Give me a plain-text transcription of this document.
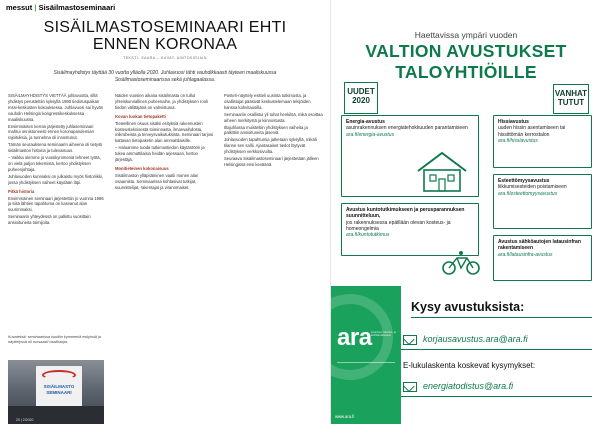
messut | Sisäilmastoseminaari
SISÄILMASTOSEMINAARI EHTI
ENNEN KORONAA
TEKSTI: SAARA – KUVAT: AINTOKIRJAIN
Sisäilmayhdistys täyttää 30 vuotta ylläolla 2020. Juhlavuosi tähti vauhdikkaasti täyteen maaliskuussa Sisäilmastoseminaarissa sekä juhlagaalassa.

SISÄILMAYHDISTYS VIETTÄÄ juhlavuotta, sillä yhdistys perustettiin syksyllä 1990 tiedotuspaikan Inssi-keskusten kokouksessa. Juhlavuosi sai hyvän vauhdin Helsingin kongressikeskuksessa maaliskuussa.

Ensimmäisen kerran järjestetty juhlaseminaari mahtui onnistuneesti ennen koronapandemian rajoituksia, ja tunnelma oli innostunut.

Tämän seurauksena seminaarin aiheena oli tietysti sisäilmaston historia ja tulevaisuus.

– Vaikka olemme jo vuosikymmeniä tehneet työtä, on vielä paljon tekemistä, kertoo yhdistyksen puheenjohtaja.

Juhlavuoden kunniaksi on julkaistu myös historiikki, jossa yhdistyksen vaiheet käydään läpi.

Pitkä historia

Ensimmäinen seminaari järjestettiin jo vuonna 1986 ja siitä lähtien tapahtuma on kasvanut alan suurimmaksi.

Seminaarin yhteydessä on palkittu vuosittain ansioituneita toimijoita.

Kuvateksti: seminaarissa kuultiin kymmeniä esityksiä ja näyttelyssä oli runsaasti osallistujia.
SISÄILMASTO
SEMINAARI
20 | 2/2020

Näiden vuosien aikana sisäilmasta on tullut yhteiskunnallinen puheenaihe, ja yhdistyksen rooli tiedon välittäjänä on vahvistunut.

Kovan luokan tietopaketti

Tieteellinen osuus sisälsi esityksiä rakennusten kosteusteknisestä toiminnasta, ilmanvaihdosta, mikrobeista ja terveysvaikutuksista. Seminaari tarjosi kattavan tietopaketin alan ammattilaisille.

– Haluamme tuoda tutkimustiedon käytäntöön ja tukea ammattilaisia heidän arjessaan, kertoo järjestäjä.

Monitieteinen kokonaisuus

Sisäilmaston ylläpitäminen vaatii monen alan osaamista. Seminaarissa kohtasivat tutkijat, suunnittelijat, rakentajat ja viranomaiset.

Posteri-näyttely esitteli uusinta tutkimusta, ja osallistujat pääsivät keskustelemaan tekijöiden kanssa kahvitauoilla.

Seminaariin osallistui yli tuhat henkilöä, mikä osoittaa aiheen merkitystä ja kiinnostusta.

Iltajuhlassa muisteltiin yhdistyksen vaiheita ja palkittiin ansioituneita jäseniä.

Juhlavuoden tapahtumia jatketaan syksyllä, mikäli tilanne sen sallii. Ajantasaiset tiedot löytyvät yhdistyksen verkkosivuilta.

Seuraava Sisäilmastoseminaari järjestetään jälleen Helsingissä ensi keväänä.

Haettavissa ympäri vuoden
VALTION AVUSTUKSET
TALOYHTIÖILLE
UUDET
2020
VANHAT
TUTUT
Energia-avustus
asuinrakennuksen energiatehokkuuden parantamiseen
ara.fi/energia-avustus
Hissiavustus
uuden hissin asentamiseen tai hissittömän kerrostalon
ara.fi/hissiavustus
Avustus kuntotutkimukseen ja perusparannuksen suunnitteluun,
jos rakennuksessa epäillään olevan kosteus- ja homeongelmia
ara.fi/kuntotutkimus
Esteettömyysavustus
liikkumisesteiden poistamiseen
ara.fi/esteettomyysavustus
Avustus sähköautojen latausinfran rakentamiseen
ara.fi/latausinfra-avustus
ara Asumisen rahoitus- ja kehittämiskeskus
www.ara.fi
Kysy avustuksista:
korjausavustus.ara@ara.fi
E-lukulaskenta koskevat kysymykset:
energiatodistus@ara.fi
